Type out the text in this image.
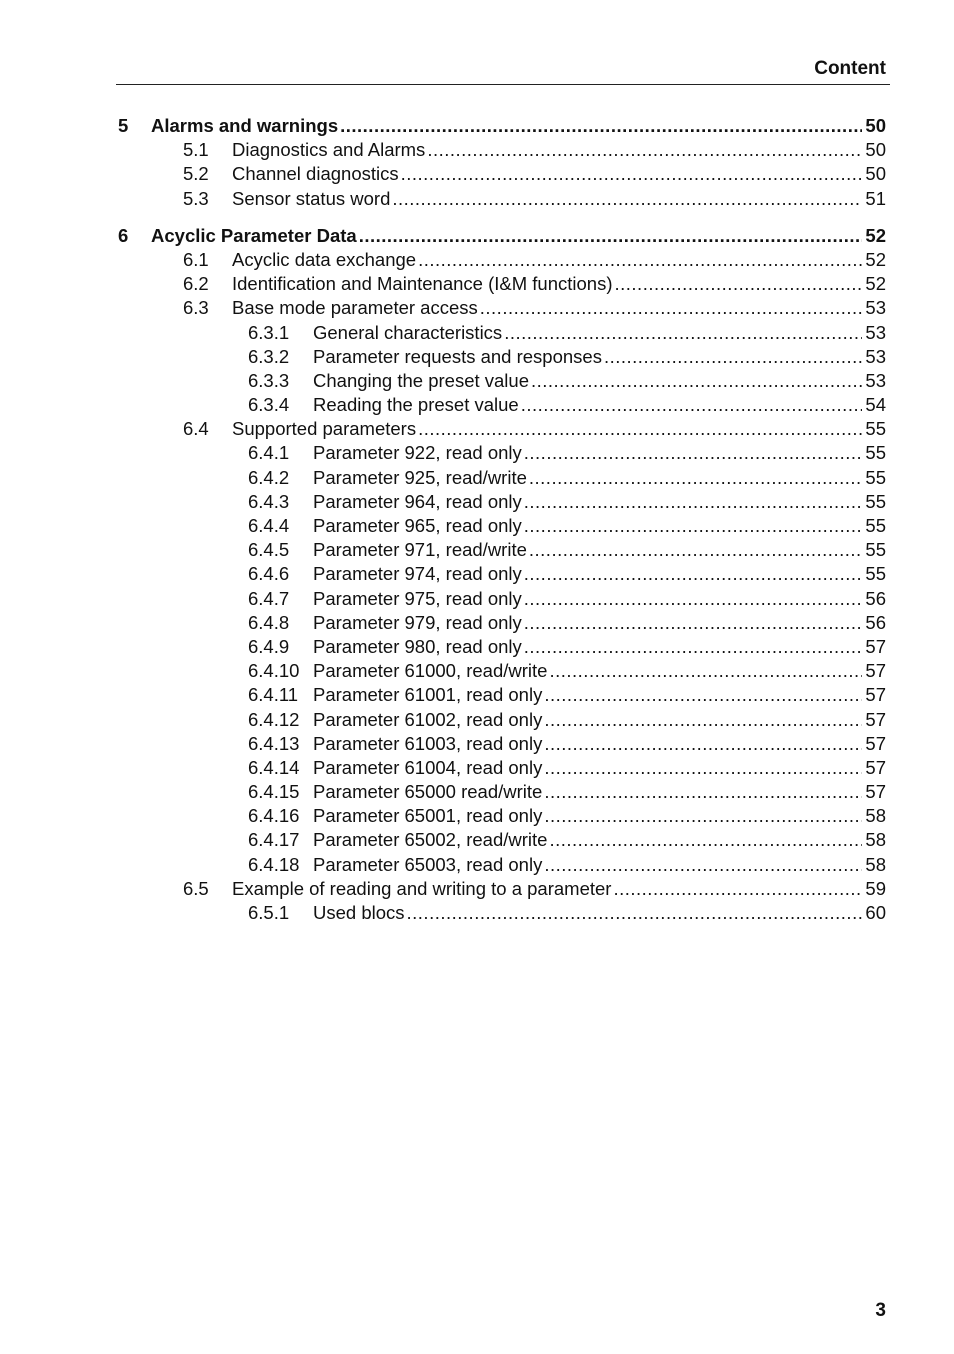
Content
5	Alarms and warnings .....	50
5.1	Diagnostics and Alarms .....	50
5.2	Channel diagnostics .....	50
5.3	Sensor status word .....	51
6	Acyclic Parameter Data .....	52
6.1	Acyclic data exchange .....	52
6.2	Identification and Maintenance (I&M functions) .....	52
6.3	Base mode parameter access .....	53
6.3.1	General characteristics .....	53
6.3.2	Parameter requests and responses .....	53
6.3.3	Changing the preset value .....	53
6.3.4	Reading the preset value .....	54
6.4	Supported parameters .....	55
6.4.1	Parameter 922, read only .....	55
6.4.2	Parameter 925, read/write .....	55
6.4.3	Parameter 964, read only .....	55
6.4.4	Parameter 965, read only .....	55
6.4.5	Parameter 971, read/write .....	55
6.4.6	Parameter 974, read only .....	55
6.4.7	Parameter 975, read only .....	56
6.4.8	Parameter 979, read only .....	56
6.4.9	Parameter 980, read only .....	57
6.4.10 Parameter 61000, read/write .....	57
6.4.11 Parameter 61001, read only .....	57
6.4.12 Parameter 61002, read only .....	57
6.4.13 Parameter 61003, read only .....	57
6.4.14 Parameter 61004, read only .....	57
6.4.15 Parameter 65000 read/write .....	57
6.4.16 Parameter 65001, read only .....	58
6.4.17 Parameter 65002, read/write .....	58
6.4.18 Parameter 65003, read only .....	58
6.5	Example of reading and writing to a parameter .....	59
6.5.1	Used blocs .....	60
3
